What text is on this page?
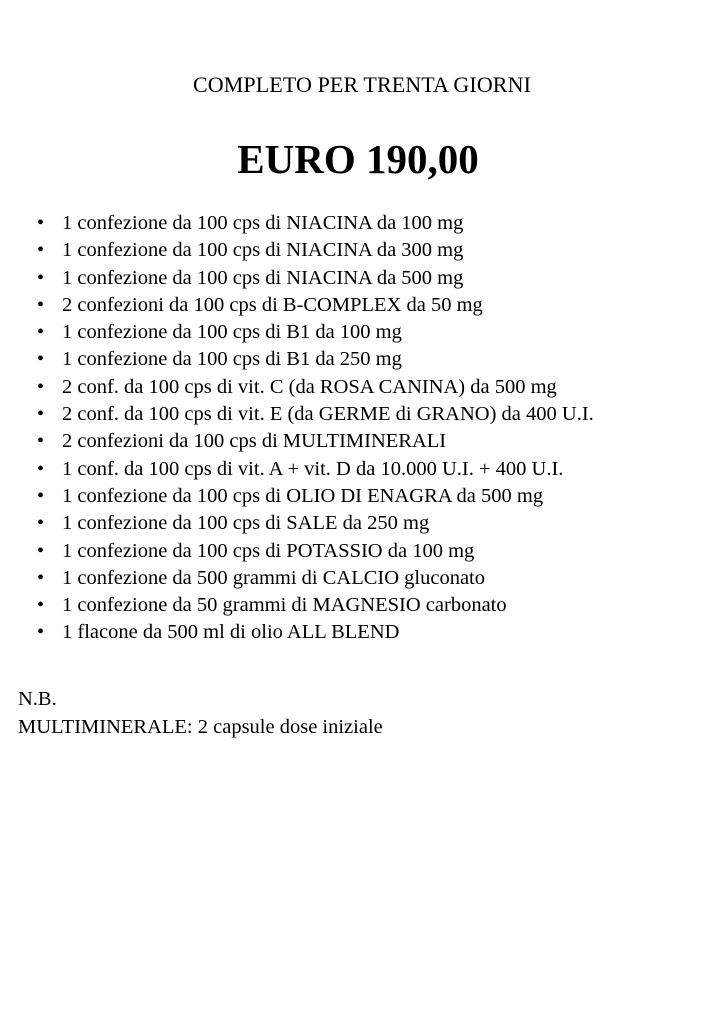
COMPLETO PER TRENTA GIORNI
EURO 190,00
• 1 confezione da 100 cps di NIACINA da 100 mg
• 1 confezione da 100 cps di NIACINA da 300 mg
• 1 confezione da 100 cps di NIACINA da 500 mg
• 2 confezioni da 100 cps di B-COMPLEX da 50 mg
• 1 confezione da 100 cps di B1 da 100 mg
• 1 confezione da 100 cps di B1 da 250 mg
• 2 conf. da 100 cps di vit. C (da ROSA CANINA) da 500 mg
• 2 conf. da 100 cps di vit. E (da GERME di GRANO) da 400 U.I.
• 2 confezioni da 100 cps di MULTIMINERALI
• 1 conf. da 100 cps di vit. A + vit. D da 10.000 U.I. + 400 U.I.
• 1 confezione da 100 cps di OLIO DI ENAGRA da 500 mg
• 1 confezione da 100 cps di SALE da 250 mg
• 1 confezione da 100 cps di POTASSIO da 100 mg
• 1 confezione da 500 grammi di CALCIO gluconato
• 1 confezione da 50 grammi di MAGNESIO carbonato
• 1 flacone da 500 ml di olio ALL BLEND
N.B.
MULTIMINERALE: 2 capsule dose iniziale
